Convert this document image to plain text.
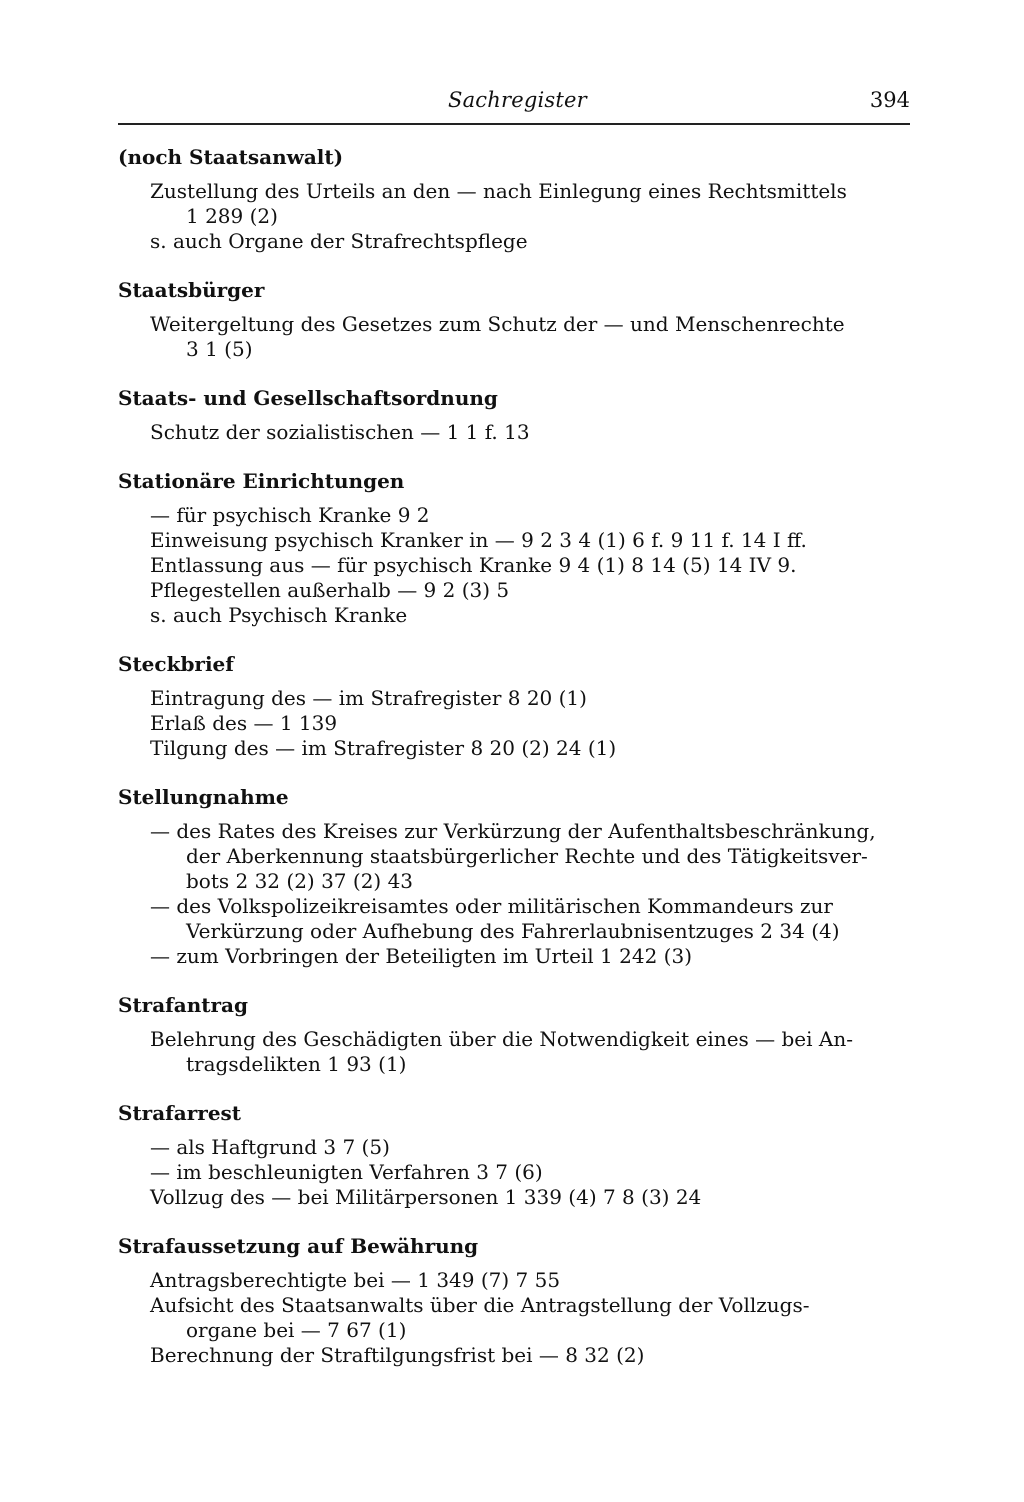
Sachregister	394
(noch Staatsanwalt)
Zustellung des Urteils an den — nach Einlegung eines Rechtsmittels
1 289 (2)
s. auch Organe der Strafrechtspflege
Staatsbürger
Weitergeltung des Gesetzes zum Schutz der — und Menschenrechte
3 1 (5)
Staats- und Gesellschaftsordnung
Schutz der sozialistischen — 1 1 f. 13
Stationäre Einrichtungen
— für psychisch Kranke 9 2
Einweisung psychisch Kranker in — 9 2 3 4 (1) 6 f. 9 11 f. 14 I ff.
Entlassung aus — für psychisch Kranke 9 4 (1) 8 14 (5) 14 IV 9.
Pflegestellen außerhalb — 9 2 (3) 5
s. auch Psychisch Kranke
Steckbrief
Eintragung des — im Strafregister 8 20 (1)
Erlaß des — 1 139
Tilgung des — im Strafregister 8 20 (2) 24 (1)
Stellungnahme
— des Rates des Kreises zur Verkürzung der Aufenthaltsbeschränkung,
der Aberkennung staatsbürgerlicher Rechte und des Tätigkeitsver-
bots 2 32 (2) 37 (2) 43
— des Volkspolizeikreisamtes oder militärischen Kommandeurs zur
Verkürzung oder Aufhebung des Fahrerlaubnisentzuges 2 34 (4)
— zum Vorbringen der Beteiligten im Urteil 1 242 (3)
Strafantrag
Belehrung des Geschädigten über die Notwendigkeit eines — bei An-
tragsdelikten 1 93 (1)
Strafarrest
— als Haftgrund 3 7 (5)
— im beschleunigten Verfahren 3 7 (6)
Vollzug des — bei Militärpersonen 1 339 (4) 7 8 (3) 24
Strafaussetzung auf Bewährung
Antragsberechtigte bei — 1 349 (7) 7 55
Aufsicht des Staatsanwalts über die Antragstellung der Vollzugs-
organe bei — 7 67 (1)
Berechnung der Straftilgungsfrist bei — 8 32 (2)
